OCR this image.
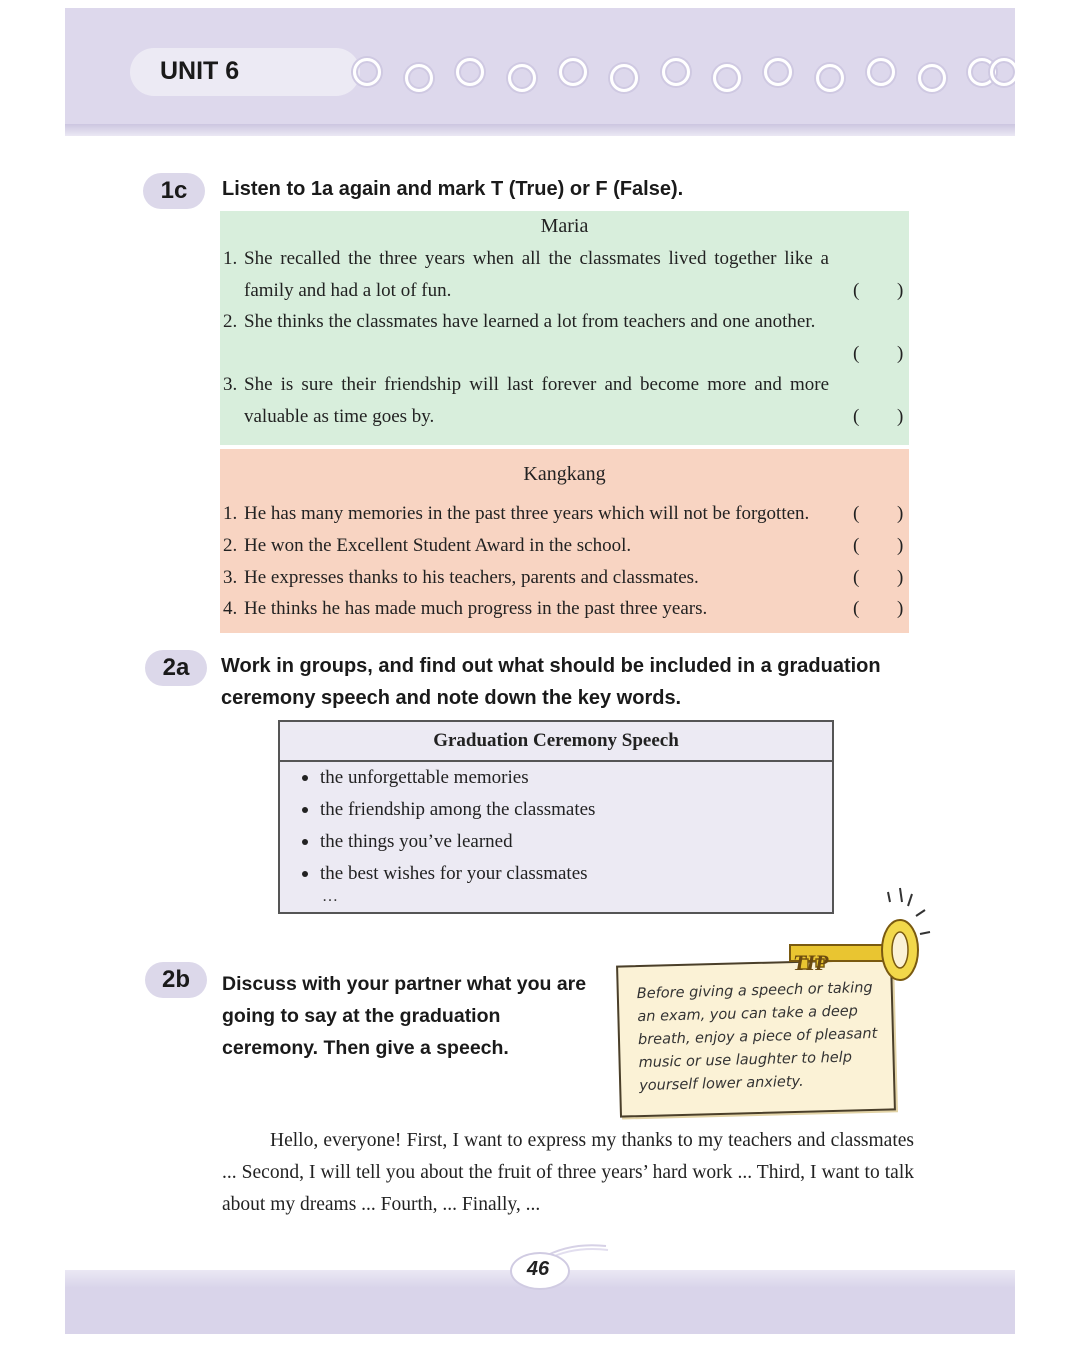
UNIT 6
1c	Listen to 1a again and mark T (True) or F (False).
Maria
1. She recalled the three years when all the classmates lived together like a family and had a lot of fun.	( )
2. She thinks the classmates have learned a lot from teachers and one another.
( )
3. She is sure their friendship will last forever and become more and more valuable as time goes by.	( )
Kangkang
1. He has many memories in the past three years which will not be forgotten.	( )
2. He won the Excellent Student Award in the school.	( )
3. He expresses thanks to his teachers, parents and classmates.	( )
4. He thinks he has made much progress in the past three years.	( )
2a	Work in groups, and find out what should be included in a graduation ceremony speech and note down the key words.
Graduation Ceremony Speech
the unforgettable memories
the friendship among the classmates
the things you’ve learned
the best wishes for your classmates
…
2b	Discuss with your partner what you are going to say at the graduation ceremony. Then give a speech.
Before giving a speech or taking an exam, you can take a deep breath, enjoy a piece of pleasant music or use laughter to help yourself lower anxiety.
TIP
Hello, everyone! First, I want to express my thanks to my teachers and classmates ... Second, I will tell you about the fruit of three years’ hard work ... Third, I want to talk about my dreams ... Fourth, ... Finally, ...
46
